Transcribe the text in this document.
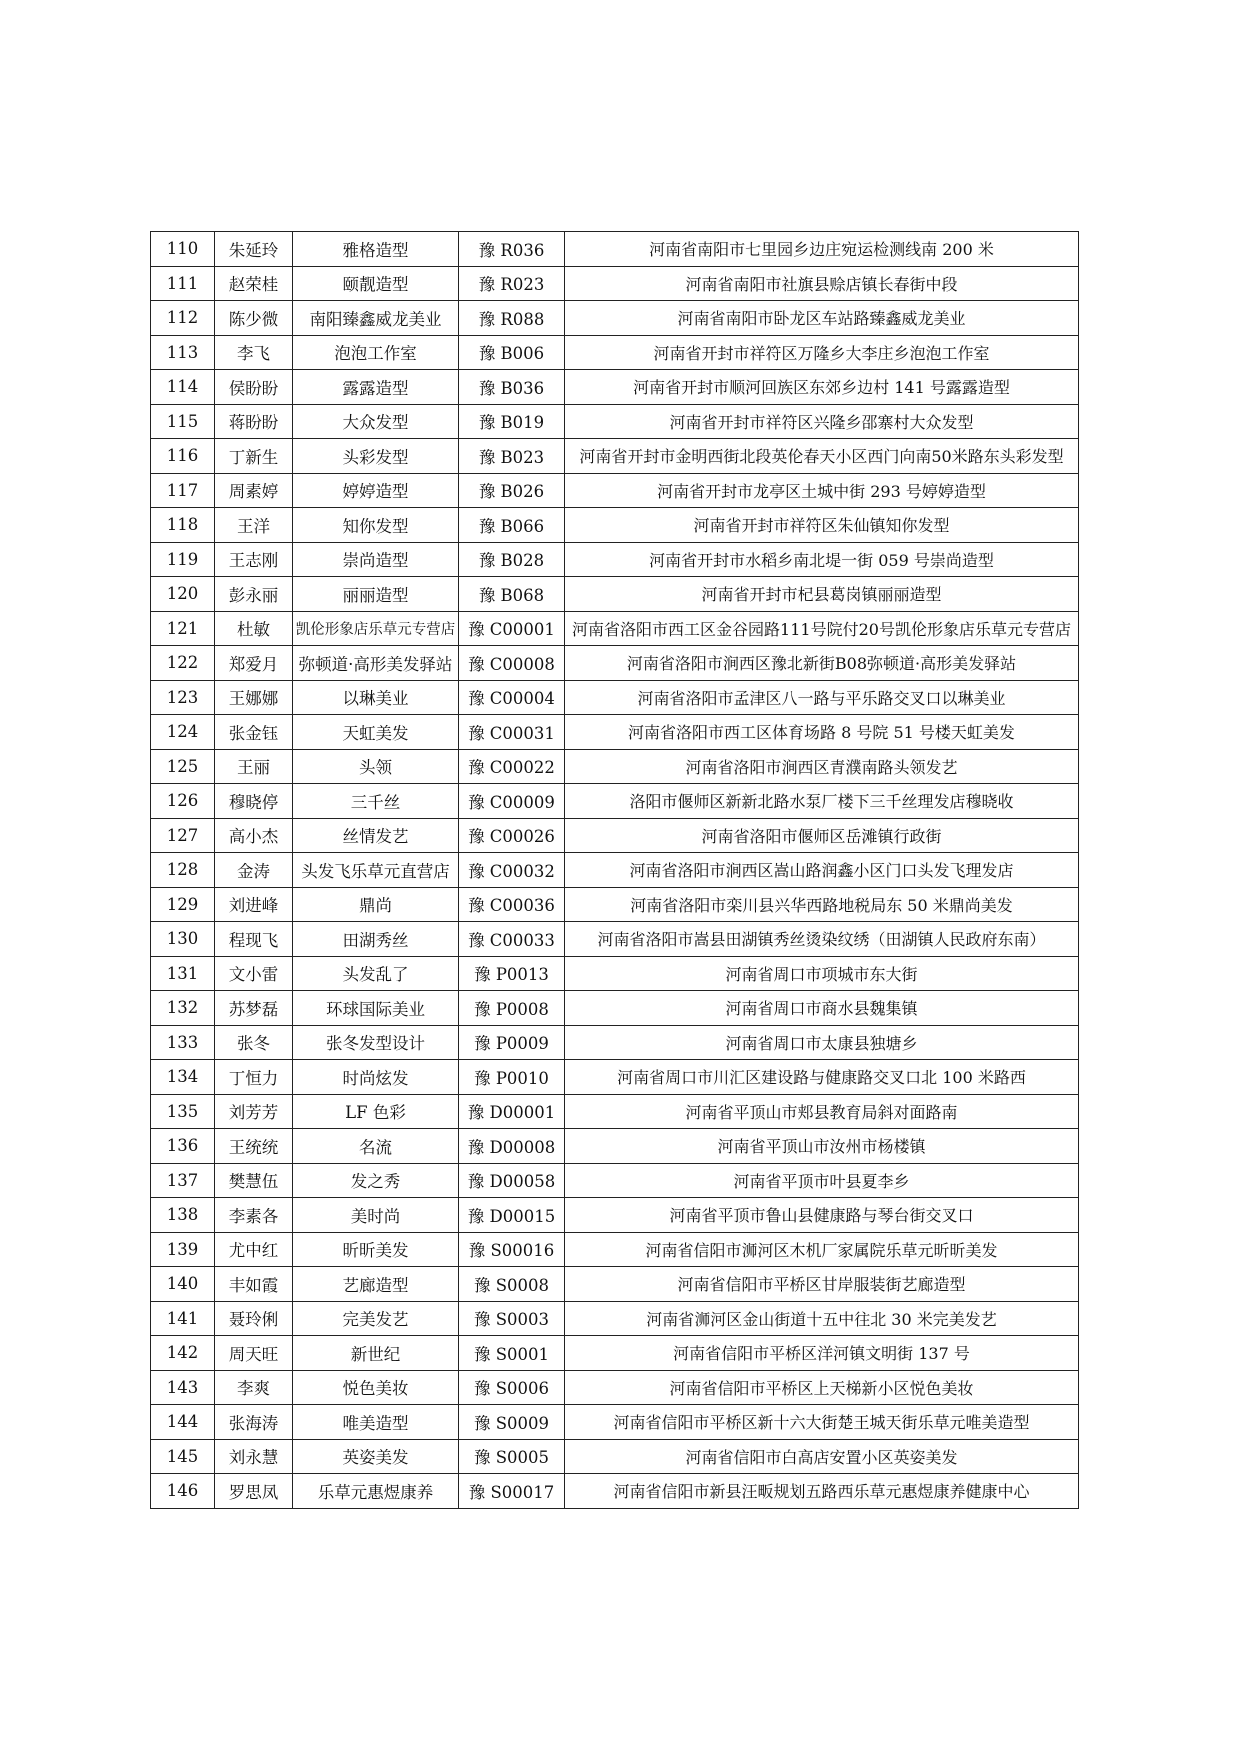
110	朱延玲	雅格造型	豫 R036	河南省南阳市七里园乡边庄宛运检测线南 200 米
111	赵荣桂	颐靓造型	豫 R023	河南省南阳市社旗县赊店镇长春街中段
112	陈少微	南阳臻鑫威龙美业	豫 R088	河南省南阳市卧龙区车站路臻鑫威龙美业
113	李飞	泡泡工作室	豫 B006	河南省开封市祥符区万隆乡大李庄乡泡泡工作室
114	侯盼盼	露露造型	豫 B036	河南省开封市顺河回族区东郊乡边村 141 号露露造型
115	蒋盼盼	大众发型	豫 B019	河南省开封市祥符区兴隆乡邵寨村大众发型
116	丁新生	头彩发型	豫 B023	河南省开封市金明西街北段英伦春天小区西门向南50米路东头彩发型
117	周素婷	婷婷造型	豫 B026	河南省开封市龙亭区土城中街 293 号婷婷造型
118	王洋	知你发型	豫 B066	河南省开封市祥符区朱仙镇知你发型
119	王志刚	崇尚造型	豫 B028	河南省开封市水稻乡南北堤一街 059 号崇尚造型
120	彭永丽	丽丽造型	豫 B068	河南省开封市杞县葛岗镇丽丽造型
121	杜敏	凯伦形象店乐草元专营店	豫 C00001	河南省洛阳市西工区金谷园路111号院付20号凯伦形象店乐草元专营店
122	郑爱月	弥顿道·高形美发驿站	豫 C00008	河南省洛阳市涧西区豫北新街B08弥顿道·高形美发驿站
123	王娜娜	以琳美业	豫 C00004	河南省洛阳市孟津区八一路与平乐路交叉口以琳美业
124	张金钰	天虹美发	豫 C00031	河南省洛阳市西工区体育场路 8 号院 51 号楼天虹美发
125	王丽	头领	豫 C00022	河南省洛阳市涧西区青濮南路头领发艺
126	穆晓停	三千丝	豫 C00009	洛阳市偃师区新新北路水泵厂楼下三千丝理发店穆晓收
127	高小杰	丝情发艺	豫 C00026	河南省洛阳市偃师区岳滩镇行政街
128	金涛	头发飞乐草元直营店	豫 C00032	河南省洛阳市涧西区嵩山路润鑫小区门口头发飞理发店
129	刘进峰	鼎尚	豫 C00036	河南省洛阳市栾川县兴华西路地税局东 50 米鼎尚美发
130	程现飞	田湖秀丝	豫 C00033	河南省洛阳市嵩县田湖镇秀丝烫染纹绣（田湖镇人民政府东南）
131	文小雷	头发乱了	豫 P0013	河南省周口市项城市东大街
132	苏梦磊	环球国际美业	豫 P0008	河南省周口市商水县魏集镇
133	张冬	张冬发型设计	豫 P0009	河南省周口市太康县独塘乡
134	丁恒力	时尚炫发	豫 P0010	河南省周口市川汇区建设路与健康路交叉口北 100 米路西
135	刘芳芳	LF 色彩	豫 D00001	河南省平顶山市郏县教育局斜对面路南
136	王统统	名流	豫 D00008	河南省平顶山市汝州市杨楼镇
137	樊慧伍	发之秀	豫 D00058	河南省平顶市叶县夏李乡
138	李素各	美时尚	豫 D00015	河南省平顶市鲁山县健康路与琴台街交叉口
139	尤中红	昕昕美发	豫 S00016	河南省信阳市浉河区木机厂家属院乐草元昕昕美发
140	丰如霞	艺廊造型	豫 S0008	河南省信阳市平桥区甘岸服装街艺廊造型
141	聂玲俐	完美发艺	豫 S0003	河南省浉河区金山街道十五中往北 30 米完美发艺
142	周天旺	新世纪	豫 S0001	河南省信阳市平桥区洋河镇文明街 137 号
143	李爽	悦色美妆	豫 S0006	河南省信阳市平桥区上天梯新小区悦色美妆
144	张海涛	唯美造型	豫 S0009	河南省信阳市平桥区新十六大街楚王城天街乐草元唯美造型
145	刘永慧	英姿美发	豫 S0005	河南省信阳市白高店安置小区英姿美发
146	罗思凤	乐草元惠煜康养	豫 S00017	河南省信阳市新县汪畈规划五路西乐草元惠煜康养健康中心
